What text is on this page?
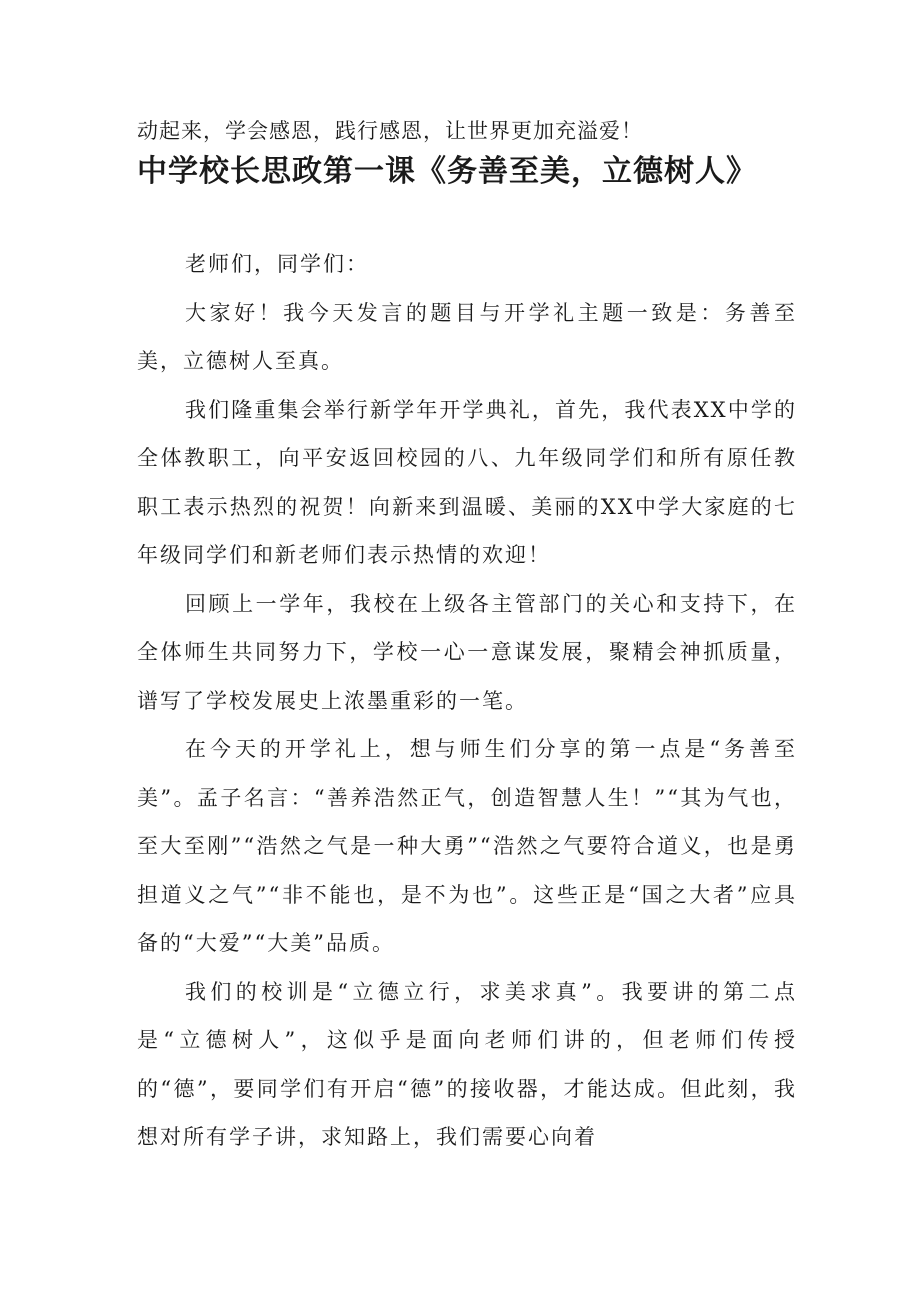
动起来，学会感恩，践行感恩，让世界更加充溢爱！
中学校长思政第一课《务善至美，立德树人》

老师们，同学们：

大家好！我今天发言的题目与开学礼主题一致是：务善至美，立德树人至真。

我们隆重集会举行新学年开学典礼，首先，我代表XX中学的全体教职工，向平安返回校园的八、九年级同学们和所有原任教职工表示热烈的祝贺！向新来到温暖、美丽的XX中学大家庭的七年级同学们和新老师们表示热情的欢迎！

回顾上一学年，我校在上级各主管部门的关心和支持下，在全体师生共同努力下，学校一心一意谋发展，聚精会神抓质量，谱写了学校发展史上浓墨重彩的一笔。

在今天的开学礼上，想与师生们分享的第一点是“务善至美”。孟子名言：“善养浩然正气，创造智慧人生！”“其为气也，至大至刚”“浩然之气是一种大勇”“浩然之气要符合道义，也是勇担道义之气”“非不能也，是不为也”。这些正是“国之大者”应具备的“大爱”“大美”品质。

我们的校训是“立德立行，求美求真”。我要讲的第二点是“立德树人”，这似乎是面向老师们讲的，但老师们传授的“德”，要同学们有开启“德”的接收器，才能达成。但此刻，我想对所有学子讲，求知路上，我们需要心向着
